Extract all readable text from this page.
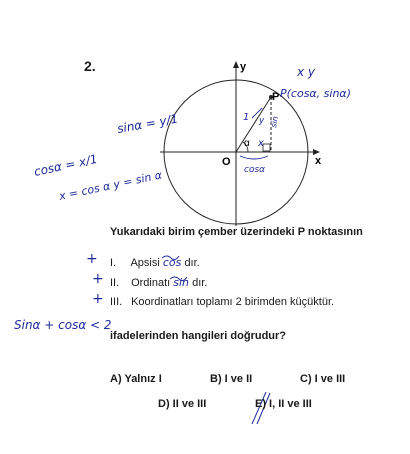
y
x
O
P
α
P(cosα, sinα)
x y
1 y
x
sin
cosα
sinα = y/1
cosα = x/1
x = cos α y = sin α
2.
Yukarıdaki birim çember üzerindeki P noktasının
+ I. Apsisi cos dır.
+ II. Ordinatı sin dır.
+ III. Koordinatları toplamı 2 birimden küçüktür.
Sinα + cosα < 2
ifadelerinden hangileri doğrudur?
A) Yalnız I	B) I ve II	C) I ve III
D) II ve III	E) I, II ve III
